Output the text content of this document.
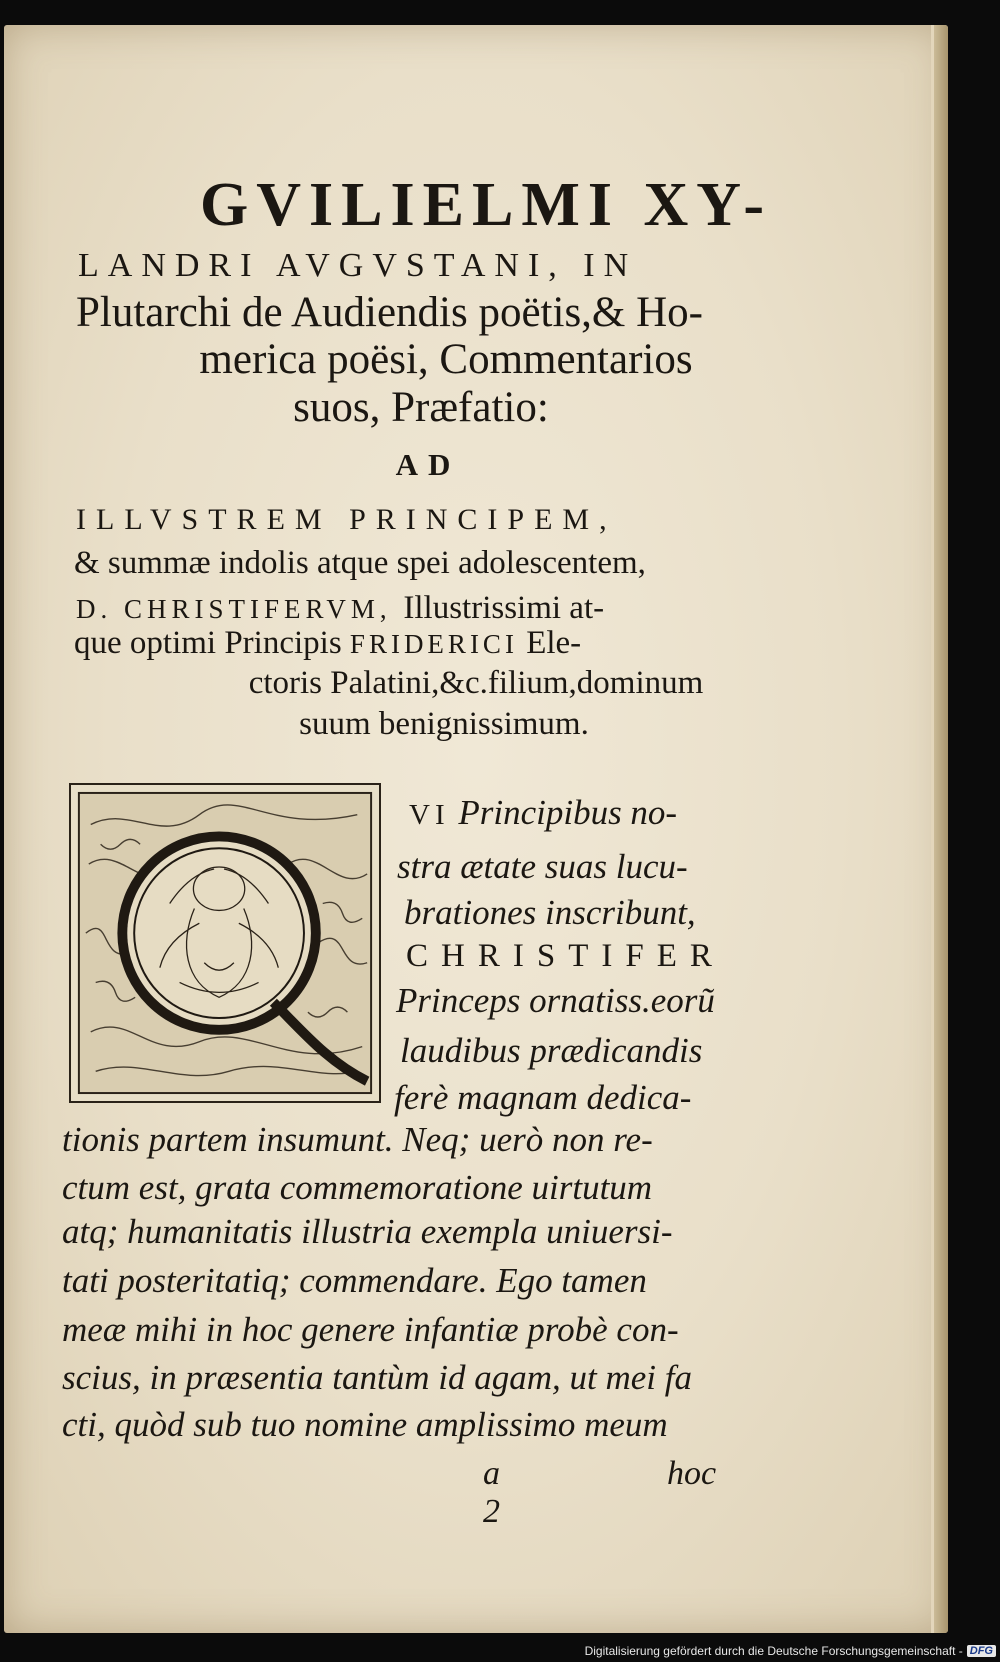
GVILIELMI XY-
LANDRI AVGVSTANI, IN
Plutarchi de Audiendis poëtis,& Ho-
merica poësi, Commentarios
suos, Præfatio:
AD
ILLVSTREM PRINCIPEM,
& summæ indolis atque spei adolescentem,
D. CHRISTIFERVM, Illustrissimi at-
que optimi Principis FRIDERICI Ele-
ctoris Palatini,&c.filium,dominum
suum benignissimum.
VI Principibus no-
stra ætate suas lucu-
brationes inscribunt,
CHRISTIFER
Princeps ornatiss.eorũ
laudibus prædicandis
ferè magnam dedica-
tionis partem insumunt. Neq; uerò non re-
ctum est, grata commemoratione uirtutum
atq; humanitatis illustria exempla uniuersi-
tati posteritatiq; commendare. Ego tamen
meæ mihi in hoc genere infantiæ probè con-
scius, in præsentia tantùm id agam, ut mei fa
cti, quòd sub tuo nomine amplissimo meum
a 2
hoc
Digitalisierung gefördert durch die Deutsche Forschungsgemeinschaft - DFG
